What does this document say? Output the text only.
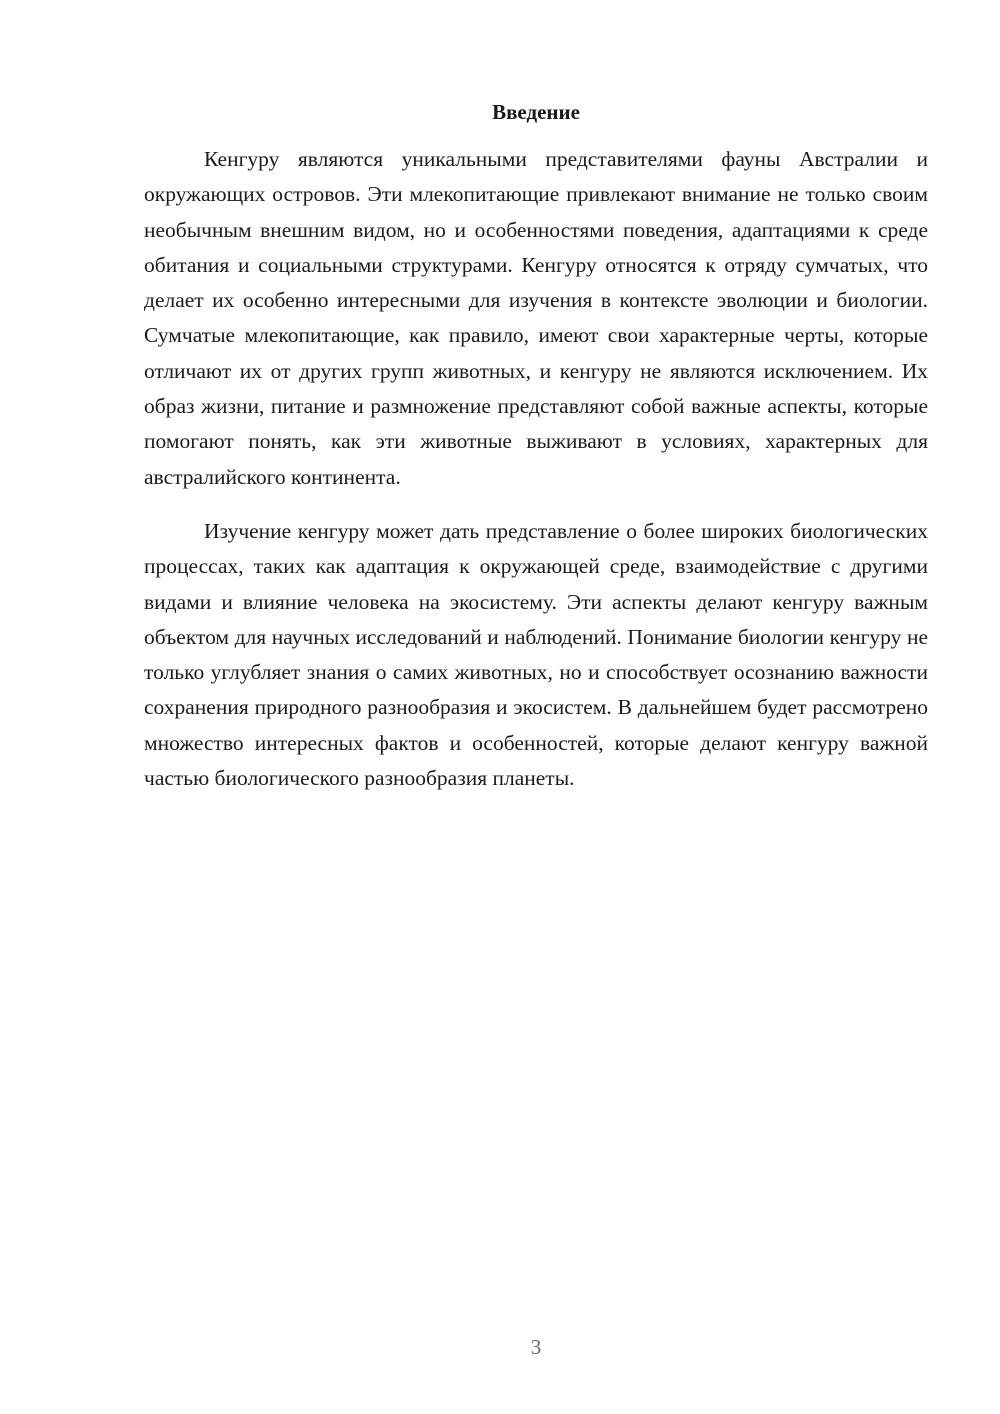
Введение

Кенгуру являются уникальными представителями фауны Австралии и окружающих островов. Эти млекопитающие привлекают внимание не только своим необычным внешним видом, но и особенностями поведения, адаптациями к среде обитания и социальными структурами. Кенгуру относятся к отряду сумчатых, что делает их особенно интересными для изучения в контексте эволюции и биологии. Сумчатые млекопитающие, как правило, имеют свои характерные черты, которые отличают их от других групп животных, и кенгуру не являются исключением. Их образ жизни, питание и размножение представляют собой важные аспекты, которые помогают понять, как эти животные выживают в условиях, характерных для австралийского континента.

Изучение кенгуру может дать представление о более широких биологических процессах, таких как адаптация к окружающей среде, взаимодействие с другими видами и влияние человека на экосистему. Эти аспекты делают кенгуру важным объектом для научных исследований и наблюдений. Понимание биологии кенгуру не только углубляет знания о самих животных, но и способствует осознанию важности сохранения природного разнообразия и экосистем. В дальнейшем будет рассмотрено множество интересных фактов и особенностей, которые делают кенгуру важной частью биологического разнообразия планеты.

3
